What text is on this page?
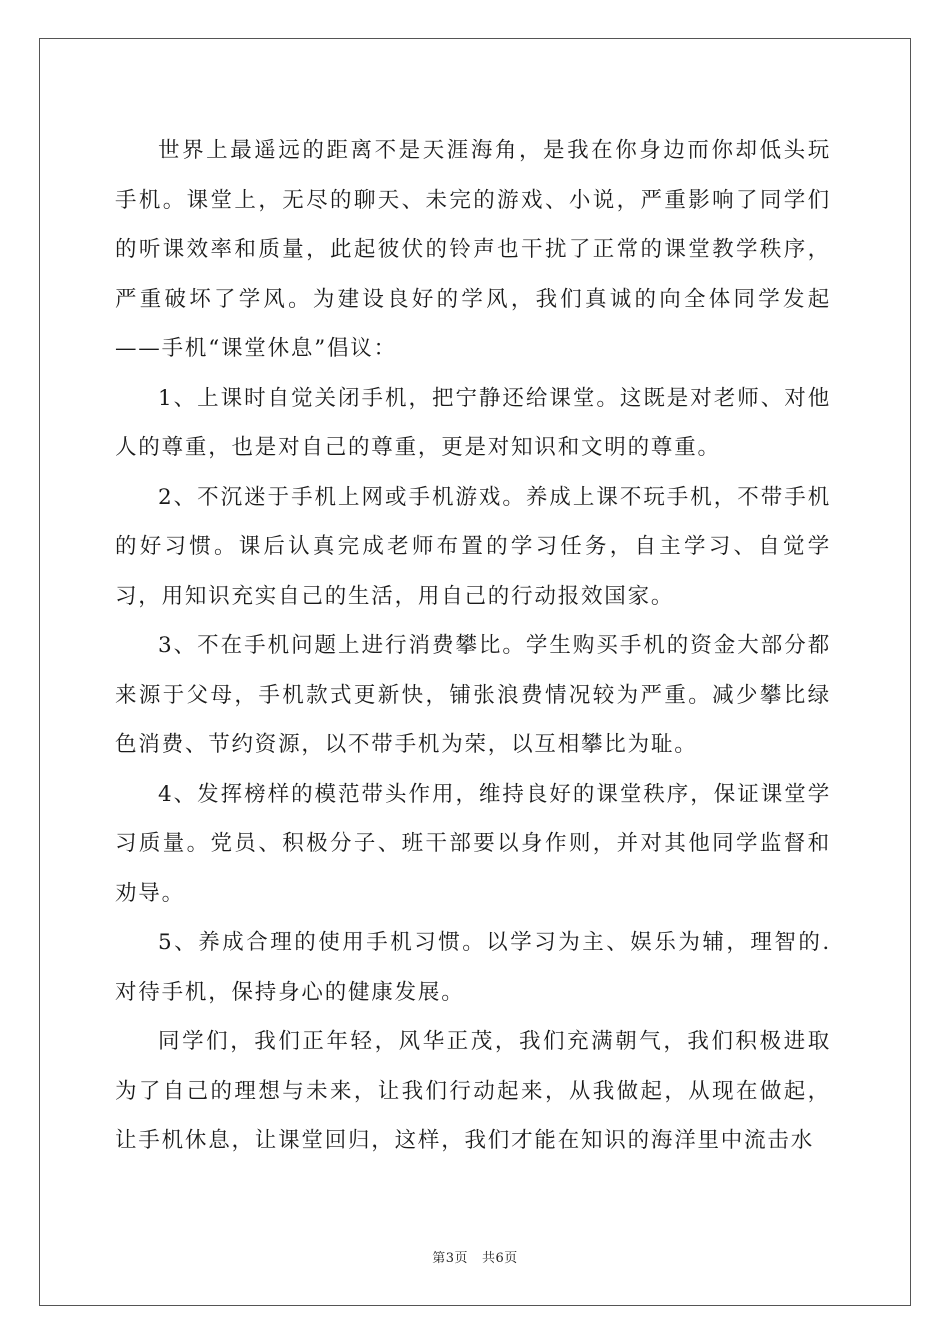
世界上最遥远的距离不是天涯海角，是我在你身边而你却低头玩手机。课堂上，无尽的聊天、未完的游戏、小说，严重影响了同学们的听课效率和质量，此起彼伏的铃声也干扰了正常的课堂教学秩序，严重破坏了学风。为建设良好的学风，我们真诚的向全体同学发起——手机“课堂休息”倡议：

1、上课时自觉关闭手机，把宁静还给课堂。这既是对老师、对他人的尊重，也是对自己的尊重，更是对知识和文明的尊重。

2、不沉迷于手机上网或手机游戏。养成上课不玩手机，不带手机的好习惯。课后认真完成老师布置的学习任务，自主学习、自觉学习，用知识充实自己的生活，用自己的行动报效国家。

3、不在手机问题上进行消费攀比。学生购买手机的资金大部分都来源于父母，手机款式更新快，铺张浪费情况较为严重。减少攀比绿色消费、节约资源，以不带手机为荣，以互相攀比为耻。

4、发挥榜样的模范带头作用，维持良好的课堂秩序，保证课堂学习质量。党员、积极分子、班干部要以身作则，并对其他同学监督和劝导。

5、养成合理的使用手机习惯。以学习为主、娱乐为辅，理智的.对待手机，保持身心的健康发展。

同学们，我们正年轻，风华正茂，我们充满朝气，我们积极进取为了自己的理想与未来，让我们行动起来，从我做起，从现在做起，让手机休息，让课堂回归，这样，我们才能在知识的海洋里中流击水

第3页 共6页
